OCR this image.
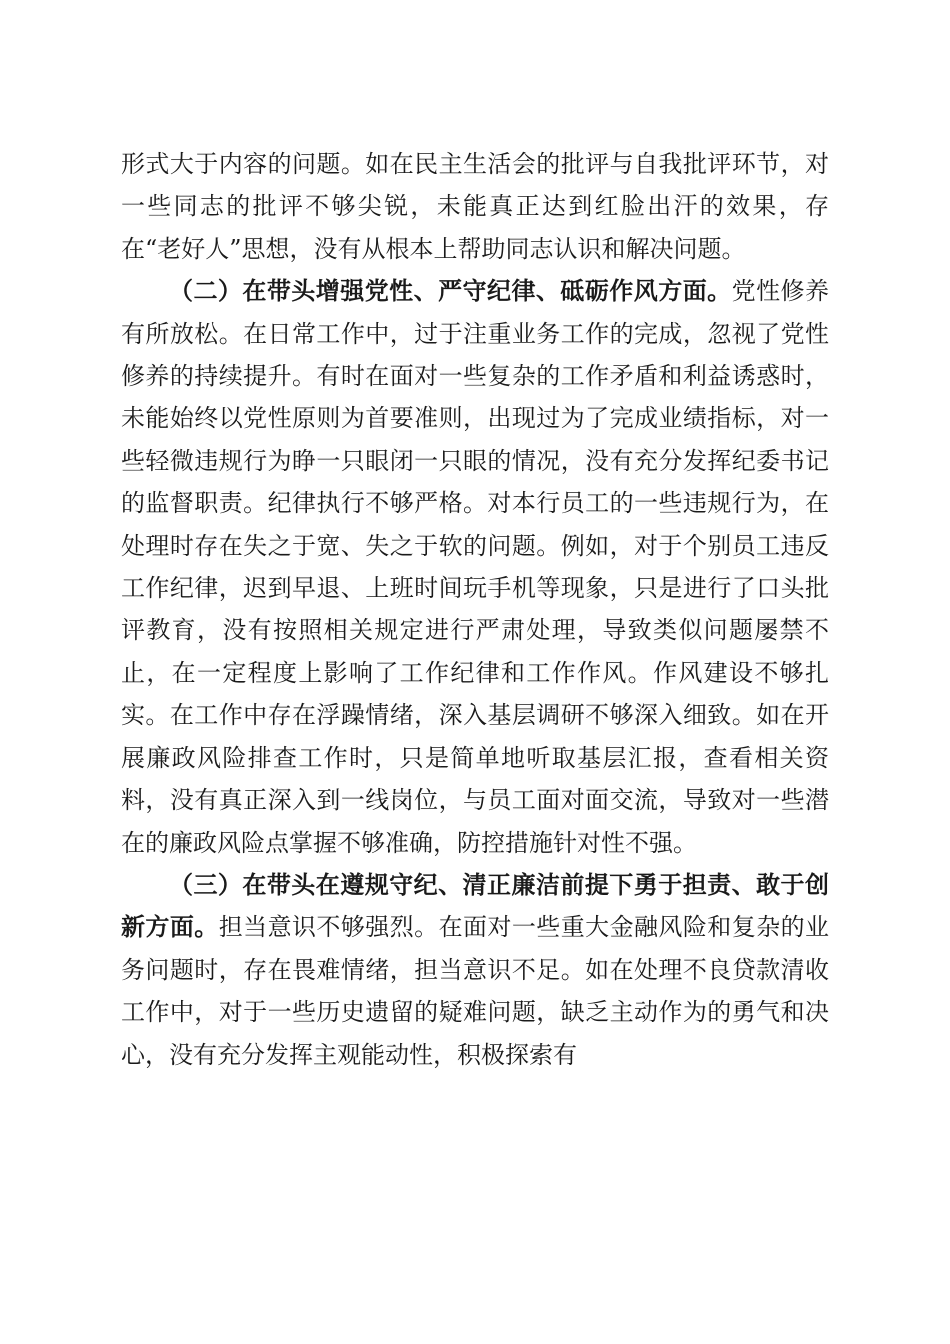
形式大于内容的问题。如在民主生活会的批评与自我批评环节，对一些同志的批评不够尖锐，未能真正达到红脸出汗的效果，存在“老好人”思想，没有从根本上帮助同志认识和解决问题。

（二）在带头增强党性、严守纪律、砥砺作风方面。党性修养有所放松。在日常工作中，过于注重业务工作的完成，忽视了党性修养的持续提升。有时在面对一些复杂的工作矛盾和利益诱惑时，未能始终以党性原则为首要准则，出现过为了完成业绩指标，对一些轻微违规行为睁一只眼闭一只眼的情况，没有充分发挥纪委书记的监督职责。纪律执行不够严格。对本行员工的一些违规行为，在处理时存在失之于宽、失之于软的问题。例如，对于个别员工违反工作纪律，迟到早退、上班时间玩手机等现象，只是进行了口头批评教育，没有按照相关规定进行严肃处理，导致类似问题屡禁不止，在一定程度上影响了工作纪律和工作作风。作风建设不够扎实。在工作中存在浮躁情绪，深入基层调研不够深入细致。如在开展廉政风险排查工作时，只是简单地听取基层汇报，查看相关资料，没有真正深入到一线岗位，与员工面对面交流，导致对一些潜在的廉政风险点掌握不够准确，防控措施针对性不强。

（三）在带头在遵规守纪、清正廉洁前提下勇于担责、敢于创新方面。担当意识不够强烈。在面对一些重大金融风险和复杂的业务问题时，存在畏难情绪，担当意识不足。如在处理不良贷款清收工作中，对于一些历史遗留的疑难问题，缺乏主动作为的勇气和决心，没有充分发挥主观能动性，积极探索有
